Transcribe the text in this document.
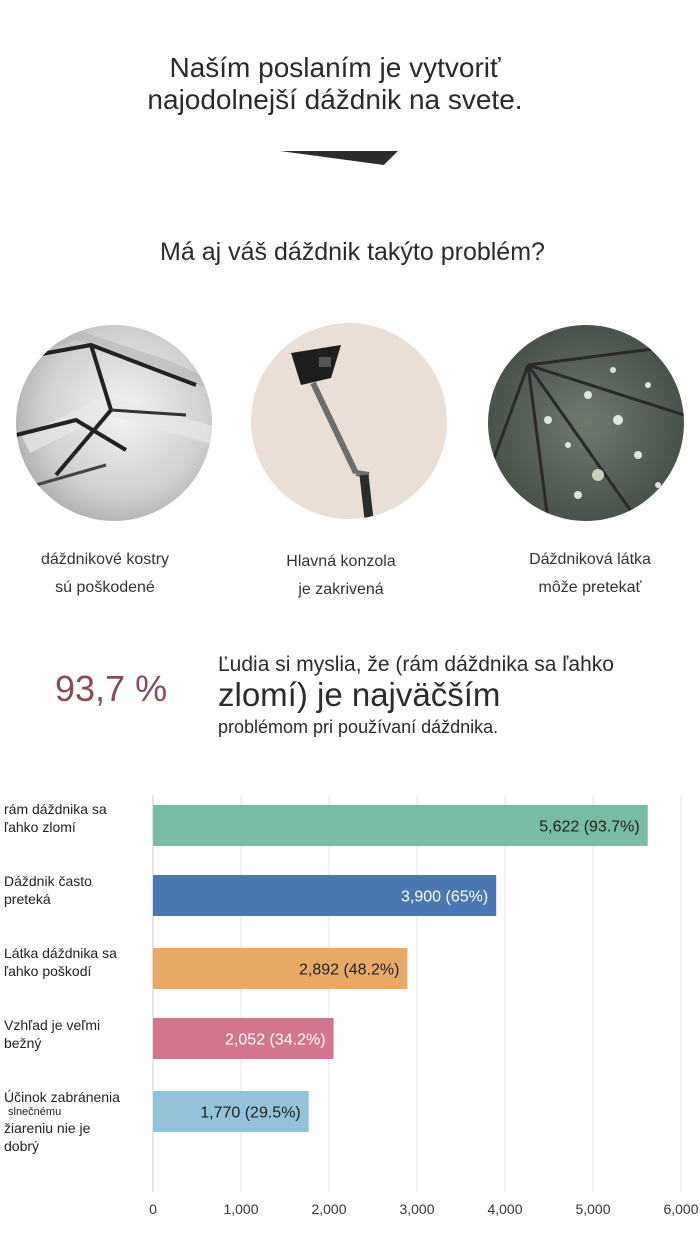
Naším poslaním je vytvoriť
najodolnejší dáždnik na svete.
Má aj váš dáždnik takýto problém?
dáždnikové kostry
sú poškodené
Hlavná konzola
je zakrivená
Dáždniková látka
môže pretekať
93,7 %
Ľudia si myslia, že (rám dáždnika sa ľahko
zlomí) je najväčším
problémom pri používaní dáždnika.
rám dáždnika sa
ľahko zlomí
Dáždnik často
preteká
Látka dáždnika sa
ľahko poškodí
Vzhľad je veľmi
bežný
Účinok zabránenia
slnečnému
žiareniu nie je
dobrý
0	1,000	2,000	3,000	4,000	5,000	6,000
5,622 (93.7%)
3,900 (65%)
2,892 (48.2%)
2,052 (34.2%)
1,770 (29.5%)
